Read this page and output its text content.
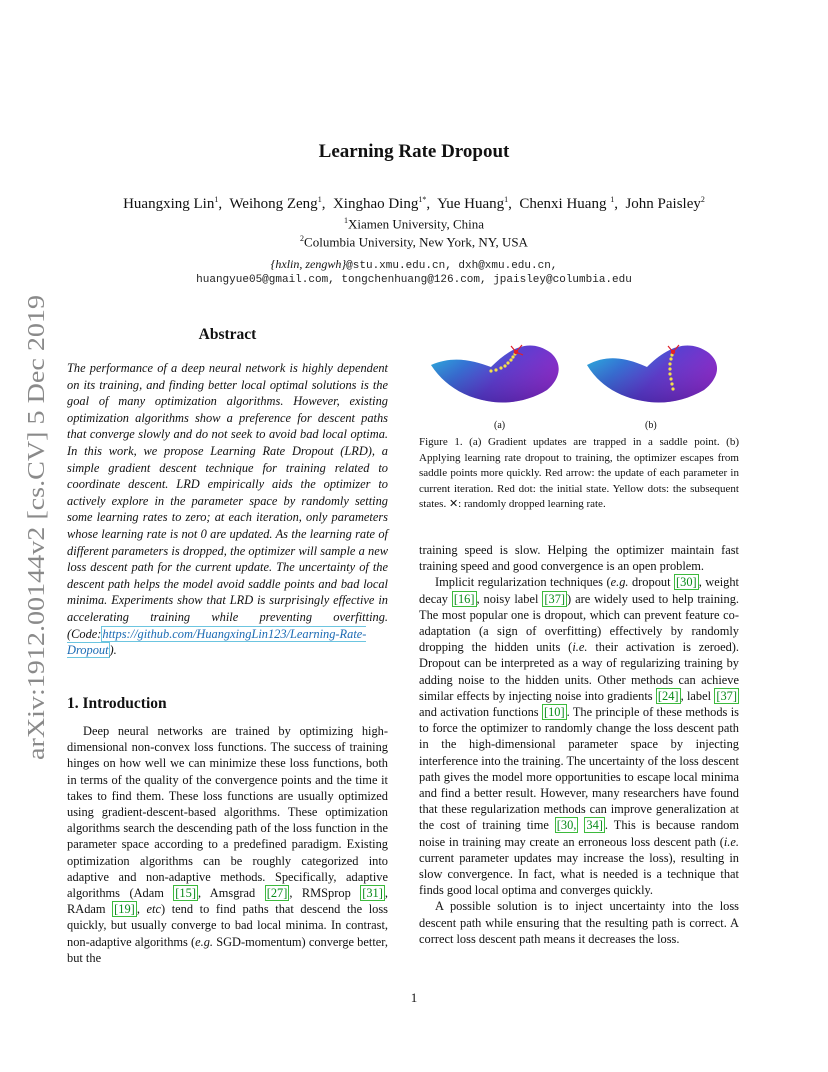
arXiv:1912.00144v2 [cs.CV] 5 Dec 2019
Learning Rate Dropout
Huangxing Lin$^1$,  Weihong Zeng$^1$,  Xinghao Ding$^{1*}$,  Yue Huang$^1$,  Chenxi Huang $^1$,  John Paisley$^2$
$^1$Xiamen University, China
$^2$Columbia University, New York, NY, USA
{hxlin, zengwh}@stu.xmu.edu.cn, dxh@xmu.edu.cn,
huangyue05@gmail.com, tongchenhuang@126.com, jpaisley@columbia.edu
Abstract
The performance of a deep neural network is highly dependent on its training, and finding better local optimal solutions is the goal of many optimization algorithms. However, existing optimization algorithms show a preference for descent paths that converge slowly and do not seek to avoid bad local optima. In this work, we propose Learning Rate Dropout (LRD), a simple gradient descent technique for training related to coordinate descent. LRD empirically aids the optimizer to actively explore in the parameter space by randomly setting some learning rates to zero; at each iteration, only parameters whose learning rate is not 0 are updated. As the learning rate of different parameters is dropped, the optimizer will sample a new loss descent path for the current update. The uncertainty of the descent path helps the model avoid saddle points and bad local minima. Experiments show that LRD is surprisingly effective in accelerating training while preventing overfitting. (Code:https://github.com/HuangxingLin123/Learning-Rate-Dropout).
1. Introduction

Deep neural networks are trained by optimizing high-dimensional non-convex loss functions. The success of training hinges on how well we can minimize these loss functions, both in terms of the quality of the convergence points and the time it takes to find them. These loss functions are usually optimized using gradient-descent-based algorithms. These optimization algorithms search the descending path of the loss function in the parameter space according to a predefined paradigm. Existing optimization algorithms can be roughly categorized into adaptive and non-adaptive methods. Specifically, adaptive algorithms (Adam [15] , Amsgrad [27] , RMSprop [31] , RAdam [19] , etc) tend to find paths that descend the loss quickly, but usually converge to bad local minima. In contrast, non-adaptive algorithms (e.g. SGD-momentum) converge better, but the

(a)	(b)
Figure 1. (a) Gradient updates are trapped in a saddle point. (b) Applying learning rate dropout to training, the optimizer escapes from saddle points more quickly. Red arrow: the update of each parameter in current iteration. Red dot: the initial state. Yellow dots: the subsequent states. ✕: randomly dropped learning rate.

training speed is slow. Helping the optimizer maintain fast training speed and good convergence is an open problem.

Implicit regularization techniques (e.g. dropout [30] , weight decay [16] , noisy label [37] ) are widely used to help training. The most popular one is dropout, which can prevent feature co-adaptation (a sign of overfitting) effectively by randomly dropping the hidden units (i.e. their activation is zeroed). Dropout can be interpreted as a way of regularizing training by adding noise to the hidden units. Other methods can achieve similar effects by injecting noise into gradients [24] , label [37] and activation functions [10] . The principle of these methods is to force the optimizer to randomly change the loss descent path in the high-dimensional parameter space by injecting interference into the training. The uncertainty of the loss descent path gives the model more opportunities to escape local minima and find a better result. However, many researchers have found that these regularization methods can improve generalization at the cost of training time [30, 34] . This is because random noise in training may create an erroneous loss descent path (i.e. current parameter updates may increase the loss), resulting in slow convergence. In fact, what is needed is a technique that finds good local optima and converges quickly.

A possible solution is to inject uncertainty into the loss descent path while ensuring that the resulting path is correct. A correct loss descent path means it decreases the loss.

1
